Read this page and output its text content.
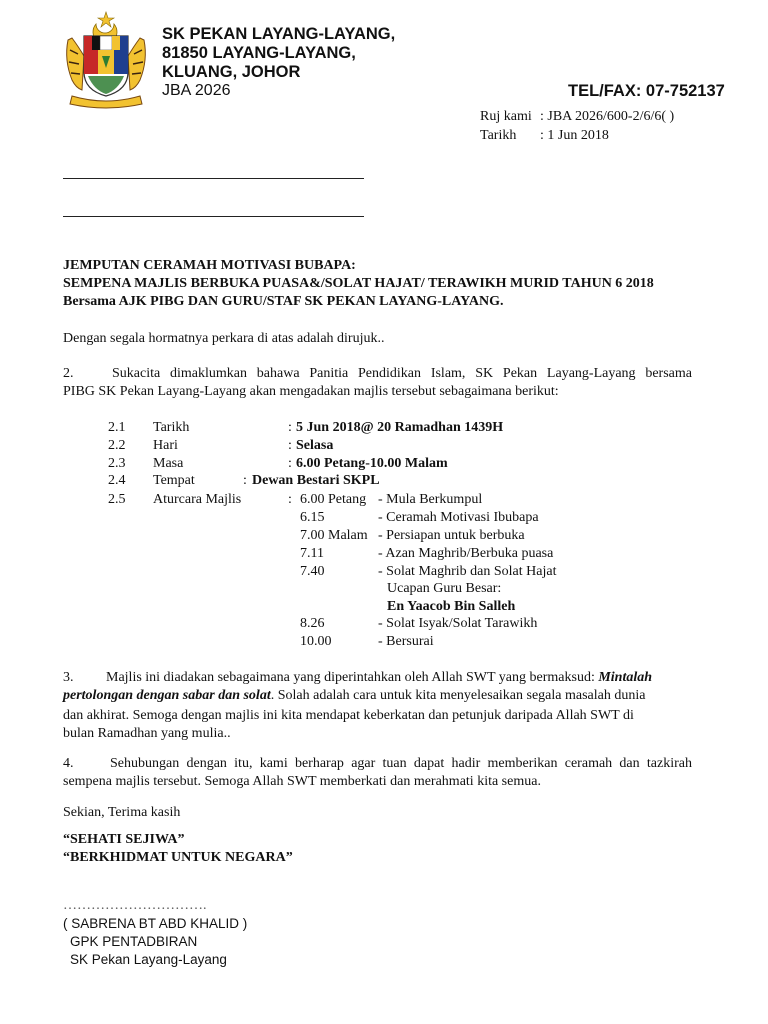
SK PEKAN LAYANG-LAYANG,
81850 LAYANG-LAYANG,
KLUANG, JOHOR
JBA 2026	TEL/FAX: 07-752137
Ruj kami : JBA 2026/600-2/6/6( )
Tarikh : 1 Jun 2018
JEMPUTAN CERAMAH MOTIVASI BUBAPA:
SEMPENA MAJLIS BERBUKA PUASA&/SOLAT HAJAT/ TERAWIKH MURID TAHUN 6 2018
Bersama AJK PIBG DAN GURU/STAF SK PEKAN LAYANG-LAYANG.
Dengan segala hormatnya perkara di atas adalah dirujuk..
2.	Sukacita dimaklumkan bahawa Panitia Pendidikan Islam, SK Pekan Layang-Layang bersama
PIBG SK Pekan Layang-Layang akan mengadakan majlis tersebut sebagaimana berikut:
2.1 Tarikh	: 5 Jun 2018@ 20 Ramadhan 1439H
2.2 Hari	: Selasa
2.3 Masa	: 6.00 Petang-10.00 Malam
2.4 Tempat	: Dewan Bestari SKPL
2.5 Aturcara Majlis	: 6.00 Petang - Mula Berkumpul
6.15	- Ceramah Motivasi Ibubapa
7.00 Malam - Persiapan untuk berbuka
7.11	- Azan Maghrib/Berbuka puasa
7.40	- Solat Maghrib dan Solat Hajat
Ucapan Guru Besar:
En Yaacob Bin Salleh
8.26	- Solat Isyak/Solat Tarawikh
10.00	- Bersurai
3. Majlis ini diadakan sebagaimana yang diperintahkan oleh Allah SWT yang bermaksud: Mintalah
pertolongan dengan sabar dan solat. Solah adalah cara untuk kita menyelesaikan segala masalah dunia
dan akhirat. Semoga dengan majlis ini kita mendapat keberkatan dan petunjuk daripada Allah SWT di
bulan Ramadhan yang mulia..
4.	Sehubungan dengan itu, kami berharap agar tuan dapat hadir memberikan ceramah dan tazkirah
sempena majlis tersebut. Semoga Allah SWT memberkati dan merahmati kita semua.
Sekian, Terima kasih
“SEHATI SEJIWA”
“BERKHIDMAT UNTUK NEGARA”
………………………….
( SABRENA BT ABD KHALID )
GPK PENTADBIRAN
SK Pekan Layang-Layang
